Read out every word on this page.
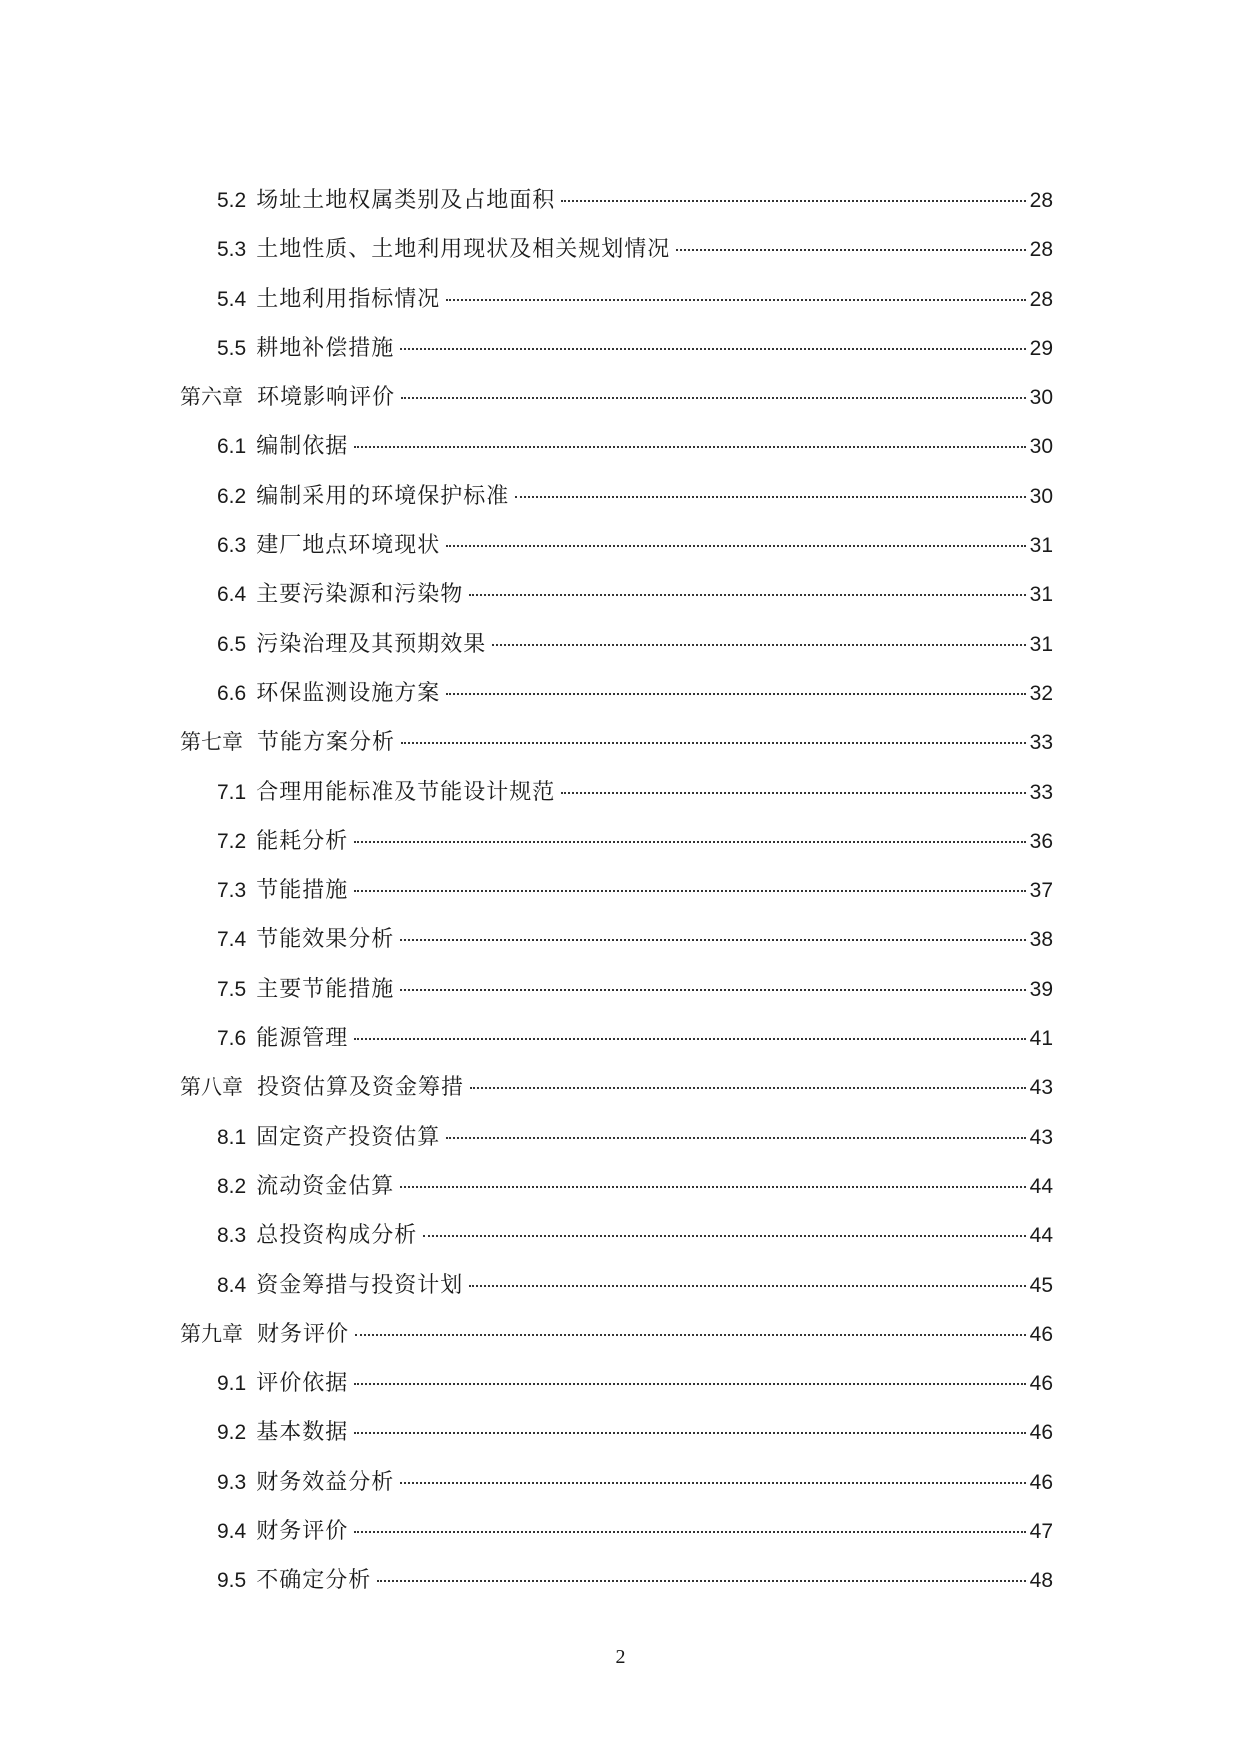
5.2 场址土地权属类别及占地面积	28
5.3 土地性质、土地利用现状及相关规划情况	28
5.4 土地利用指标情况	28
5.5 耕地补偿措施	29
第六章 环境影响评价	30
6.1 编制依据	30
6.2 编制采用的环境保护标准	30
6.3 建厂地点环境现状	31
6.4 主要污染源和污染物	31
6.5 污染治理及其预期效果	31
6.6 环保监测设施方案	32
第七章 节能方案分析	33
7.1 合理用能标准及节能设计规范	33
7.2 能耗分析	36
7.3 节能措施	37
7.4 节能效果分析	38
7.5 主要节能措施	39
7.6 能源管理	41
第八章 投资估算及资金筹措	43
8.1 固定资产投资估算	43
8.2 流动资金估算	44
8.3 总投资构成分析	44
8.4 资金筹措与投资计划	45
第九章 财务评价	46
9.1 评价依据	46
9.2 基本数据	46
9.3 财务效益分析	46
9.4 财务评价	47
9.5 不确定分析	48
2
